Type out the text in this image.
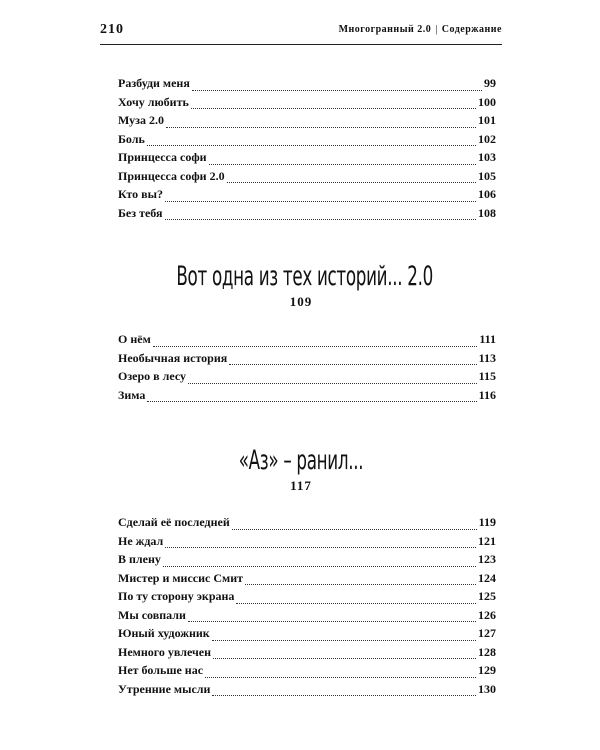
210	Многогранный 2.0 | Содержание
Разбуди меня	99
Хочу любить	100
Муза 2.0	101
Боль	102
Принцесса софи	103
Принцесса софи 2.0	105
Кто вы?	106
Без тебя	108
Вот одна из тех историй... 2.0
109
О нём	111
Необычная история	113
Озеро в лесу	115
Зима	116
«Аз» – ранил...
117
Сделай её последней	119
Не ждал	121
В плену	123
Мистер и миссис Смит	124
По ту сторону экрана	125
Мы совпали	126
Юный художник	127
Немного увлечен	128
Нет больше нас	129
Утренние мысли	130
